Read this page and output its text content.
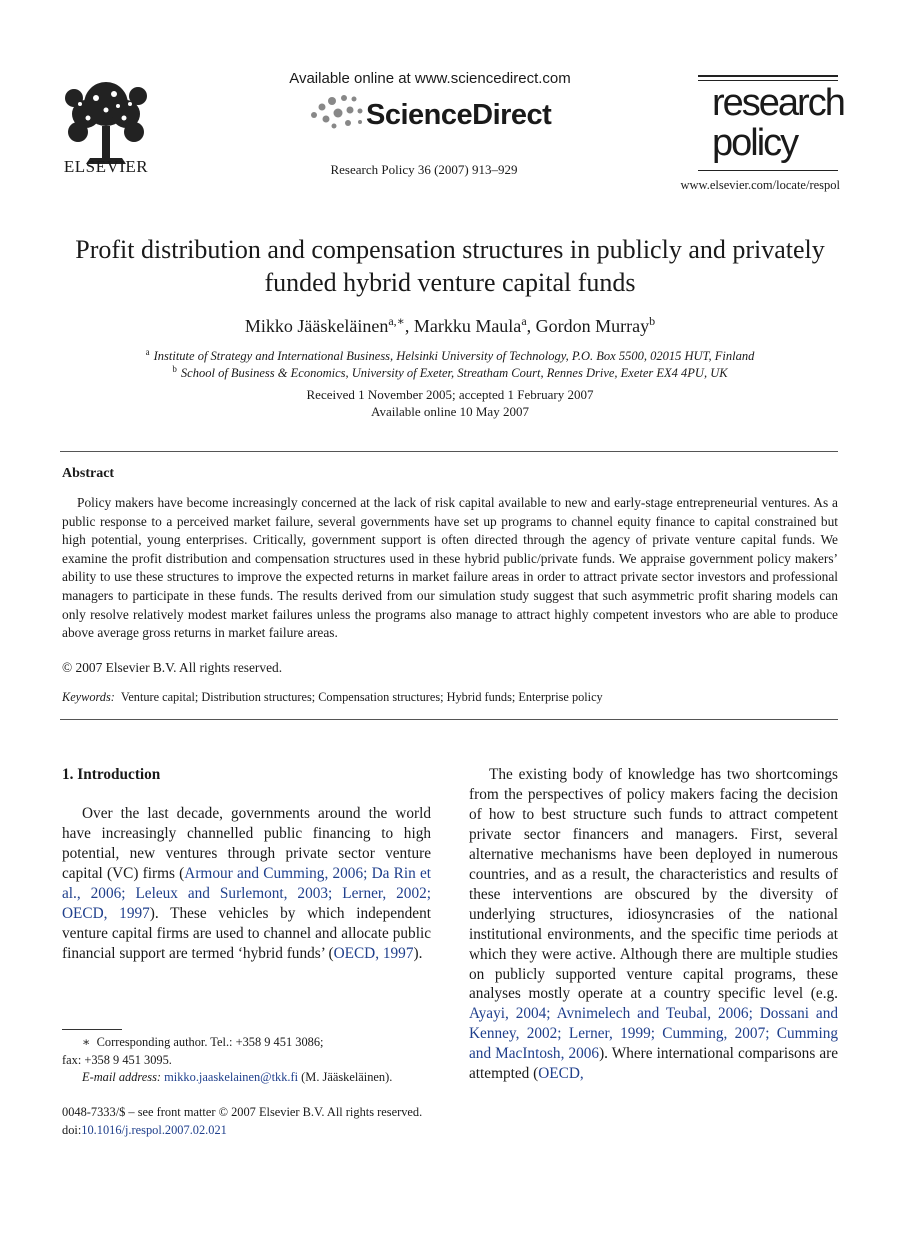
ELSEVIER
Available online at www.sciencedirect.com
ScienceDirect
Research Policy 36 (2007) 913–929
research
policy
www.elsevier.com/locate/respol
Profit distribution and compensation structures in publicly and privately funded hybrid venture capital funds
Mikko Jääskeläinen$^{a,∗}$, Markku Maula$^a$, Gordon Murray$^b$
$^a$ Institute of Strategy and International Business, Helsinki University of Technology, P.O. Box 5500, 02015 HUT, Finland
$^b$ School of Business & Economics, University of Exeter, Streatham Court, Rennes Drive, Exeter EX4 4PU, UK
Received 1 November 2005; accepted 1 February 2007
Available online 10 May 2007
Abstract

Policy makers have become increasingly concerned at the lack of risk capital available to new and early-stage entrepreneurial ventures. As a public response to a perceived market failure, several governments have set up programs to channel equity finance to capital constrained but high potential, young enterprises. Critically, government support is often directed through the agency of private venture capital funds. We examine the profit distribution and compensation structures used in these hybrid public/private funds. We appraise government policy makers’ ability to use these structures to improve the expected returns in market failure areas in order to attract private sector investors and professional managers to participate in these funds. The results derived from our simulation study suggest that such asymmetric profit sharing models can only resolve relatively modest market failures unless the programs also manage to attract highly competent investors who are able to produce above average gross returns in market failure areas.

© 2007 Elsevier B.V. All rights reserved.
Keywords: Venture capital; Distribution structures; Compensation structures; Hybrid funds; Enterprise policy
1. Introduction

Over the last decade, governments around the world have increasingly channelled public financing to high potential, new ventures through private sector venture capital (VC) firms (Armour and Cumming, 2006; Da Rin et al., 2006; Leleux and Surlemont, 2003; Lerner, 2002; OECD, 1997). These vehicles by which independent venture capital firms are used to channel and allocate public financial support are termed ‘hybrid funds’ (OECD, 1997).

The existing body of knowledge has two shortcomings from the perspectives of policy makers facing the decision of how to best structure such funds to attract competent private sector financers and managers. First, several alternative mechanisms have been deployed in numerous countries, and as a result, the characteristics and results of these interventions are obscured by the diversity of underlying structures, idiosyncrasies of the national institutional environments, and the specific time periods at which they were active. Although there are multiple studies on publicly supported venture capital programs, these analyses mostly operate at a country specific level (e.g. Ayayi, 2004; Avnimelech and Teubal, 2006; Dossani and Kenney, 2002; Lerner, 1999; Cumming, 2007; Cumming and MacIntosh, 2006). Where international comparisons are attempted (OECD,

∗ Corresponding author. Tel.: +358 9 451 3086;
fax: +358 9 451 3095.
E-mail address: mikko.jaaskelainen@tkk.fi (M. Jääskeläinen).
0048-7333/$ – see front matter © 2007 Elsevier B.V. All rights reserved.
doi:10.1016/j.respol.2007.02.021
